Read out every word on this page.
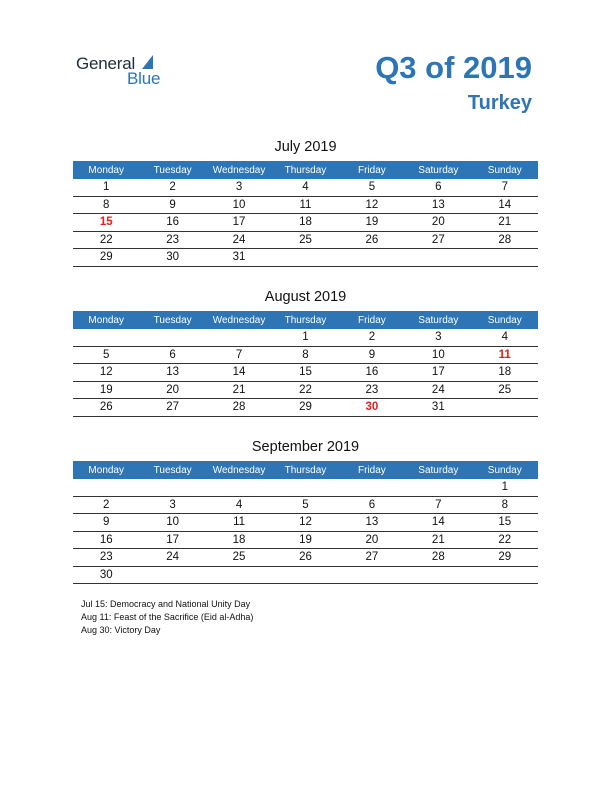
General
Blue	Q3 of 2019
Turkey
July 2019
Monday	Tuesday	Wednesday	Thursday	Friday	Saturday	Sunday
1	2	3	4	5	6	7
8	9	10	11	12	13	14
15	16	17	18	19	20	21
22	23	24	25	26	27	28
29	30	31				
August 2019
Monday	Tuesday	Wednesday	Thursday	Friday	Saturday	Sunday
			1	2	3	4
5	6	7	8	9	10	11
12	13	14	15	16	17	18
19	20	21	22	23	24	25
26	27	28	29	30	31	
September 2019
Monday	Tuesday	Wednesday	Thursday	Friday	Saturday	Sunday
						1
2	3	4	5	6	7	8
9	10	11	12	13	14	15
16	17	18	19	20	21	22
23	24	25	26	27	28	29
30						
Jul 15: Democracy and National Unity Day
Aug 11: Feast of the Sacrifice (Eid al-Adha)
Aug 30: Victory Day
